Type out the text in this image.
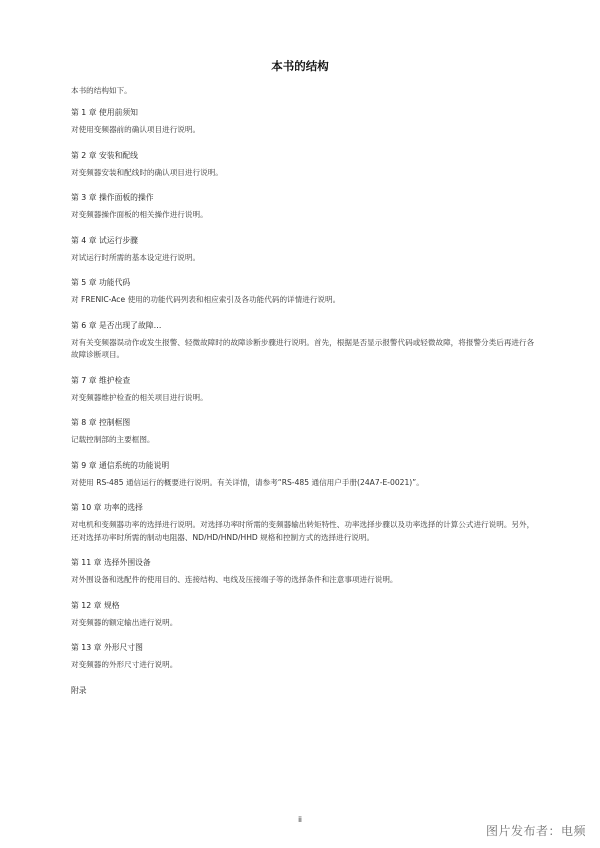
本书的结构
本书的结构如下。
第 1 章 使用前须知
对使用变频器前的确认项目进行说明。
第 2 章 安装和配线
对变频器安装和配线时的确认项目进行说明。
第 3 章 操作面板的操作
对变频器操作面板的相关操作进行说明。
第 4 章 试运行步骤
对试运行时所需的基本设定进行说明。
第 5 章 功能代码
对 FRENIC-Ace 使用的功能代码列表和相应索引及各功能代码的详情进行说明。
第 6 章 是否出现了故障…
对有关变频器误动作或发生报警、轻微故障时的故障诊断步骤进行说明。首先，根据是否显示报警代码或轻微故障，将报警分类后再进行各故障诊断项目。
第 7 章 维护检查
对变频器维护检查的相关项目进行说明。
第 8 章 控制框图
记载控制部的主要框图。
第 9 章 通信系统的功能说明
对使用 RS-485 通信运行的概要进行说明。有关详情，请参考“RS-485 通信用户手册(24A7-E-0021)”。
第 10 章 功率的选择
对电机和变频器功率的选择进行说明。对选择功率时所需的变频器输出转矩特性、功率选择步骤以及功率选择的计算公式进行说明。另外，还对选择功率时所需的制动电阻器、ND/HD/HND/HHD 规格和控制方式的选择进行说明。
第 11 章 选择外围设备
对外围设备和选配件的使用目的、连接结构、电线及压接端子等的选择条件和注意事项进行说明。
第 12 章 规格
对变频器的额定输出进行说明。
第 13 章 外形尺寸图
对变频器的外形尺寸进行说明。
附录
ii
图片发布者：电频
